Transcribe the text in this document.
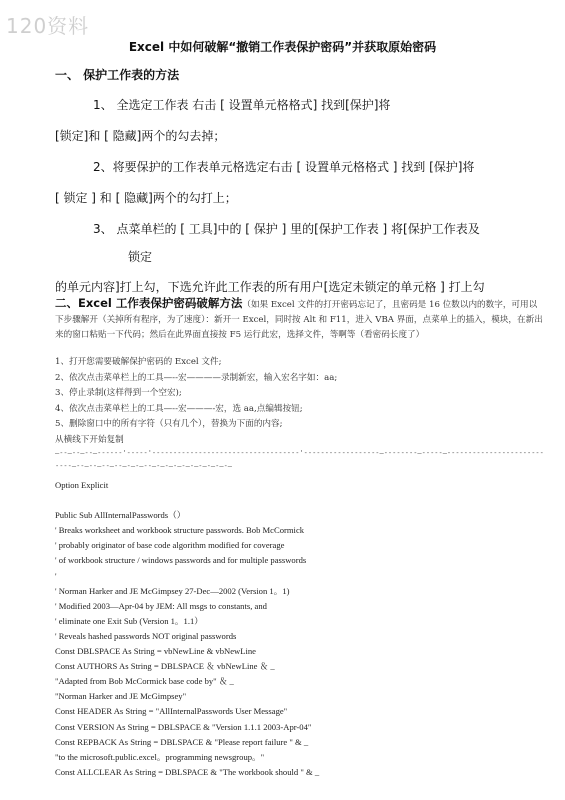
120资料
Excel 中如何破解“撤销工作表保护密码”并获取原始密码
一、 保护工作表的方法
1、 全选定工作表 右击 [ 设置单元格格式] 找到[保护]将
[锁定]和 [ 隐藏]两个的勾去掉；
2、将要保护的工作表单元格选定右击 [ 设置单元格格式 ] 找到 [保护]将
[ 锁定 ] 和 [ 隐藏]两个的勾打上；
3、 点菜单栏的 [ 工具]中的 [ 保护 ] 里的[保护工作表 ] 将[保护工作表及
锁定
的单元内容]打上勾，下选允许此工作表的所有用户[选定未锁定的单元格 ] 打上勾
二、Excel 工作表保护密码破解方法（如果 Excel 文件的打开密码忘记了，且密码是 16 位数以内的数字，可用以下步骤解开（关掉所有程序，为了速度）：新开一 Excel，同时按 Alt 和 F11，进入 VBA 界面，点菜单上的插入，模块，在新出来的窗口粘贴一下代码；然后在此界面直接按 F5 运行此宏，选择文件，等啊等（看密码长度了）
1、打开您需要破解保护密码的 Excel 文件;
2、依次点击菜单栏上的工具—--宏————录制新宏，输入宏名字如：aa;
3、停止录制(这样得到一个空宏);
4、依次点击菜单栏上的工具—--宏———-宏，选 aa,点编辑按钮;
5、删除窗口中的所有字符（只有几个），替换为下面的内容;
从横线下开始复制
—--—--—--—------'-----'-----------------------------------'------------------—--------—-----—---------------------------—--—--—--—--—-—-—--—-—-—-—-—-—-—-—-—-—
Option Explicit
Public Sub AllInternalPasswords（）
' Breaks worksheet and workbook structure passwords. Bob McCormick
' probably originator of base code algorithm modified for coverage
' of workbook structure / windows passwords and for multiple passwords
'
' Norman Harker and JE McGimpsey 27-Dec—2002 (Version 1。1)
' Modified 2003—Apr-04 by JEM: All msgs to constants, and
' eliminate one Exit Sub (Version 1。1.1）
' Reveals hashed passwords NOT original passwords
Const DBLSPACE As String = vbNewLine & vbNewLine
Const AUTHORS As String = DBLSPACE ＆ vbNewLine ＆ _
"Adapted from Bob McCormick base code by" ＆ _
"Norman Harker and JE McGimpsey"
Const HEADER As String = "AllInternalPasswords User Message"
Const VERSION As String = DBLSPACE & "Version 1.1.1 2003-Apr-04"
Const REPBACK As String = DBLSPACE & "Please report failure " & _
"to the microsoft.public.excel。programming newsgroup。"
Const ALLCLEAR As String = DBLSPACE & "The workbook should " & _
